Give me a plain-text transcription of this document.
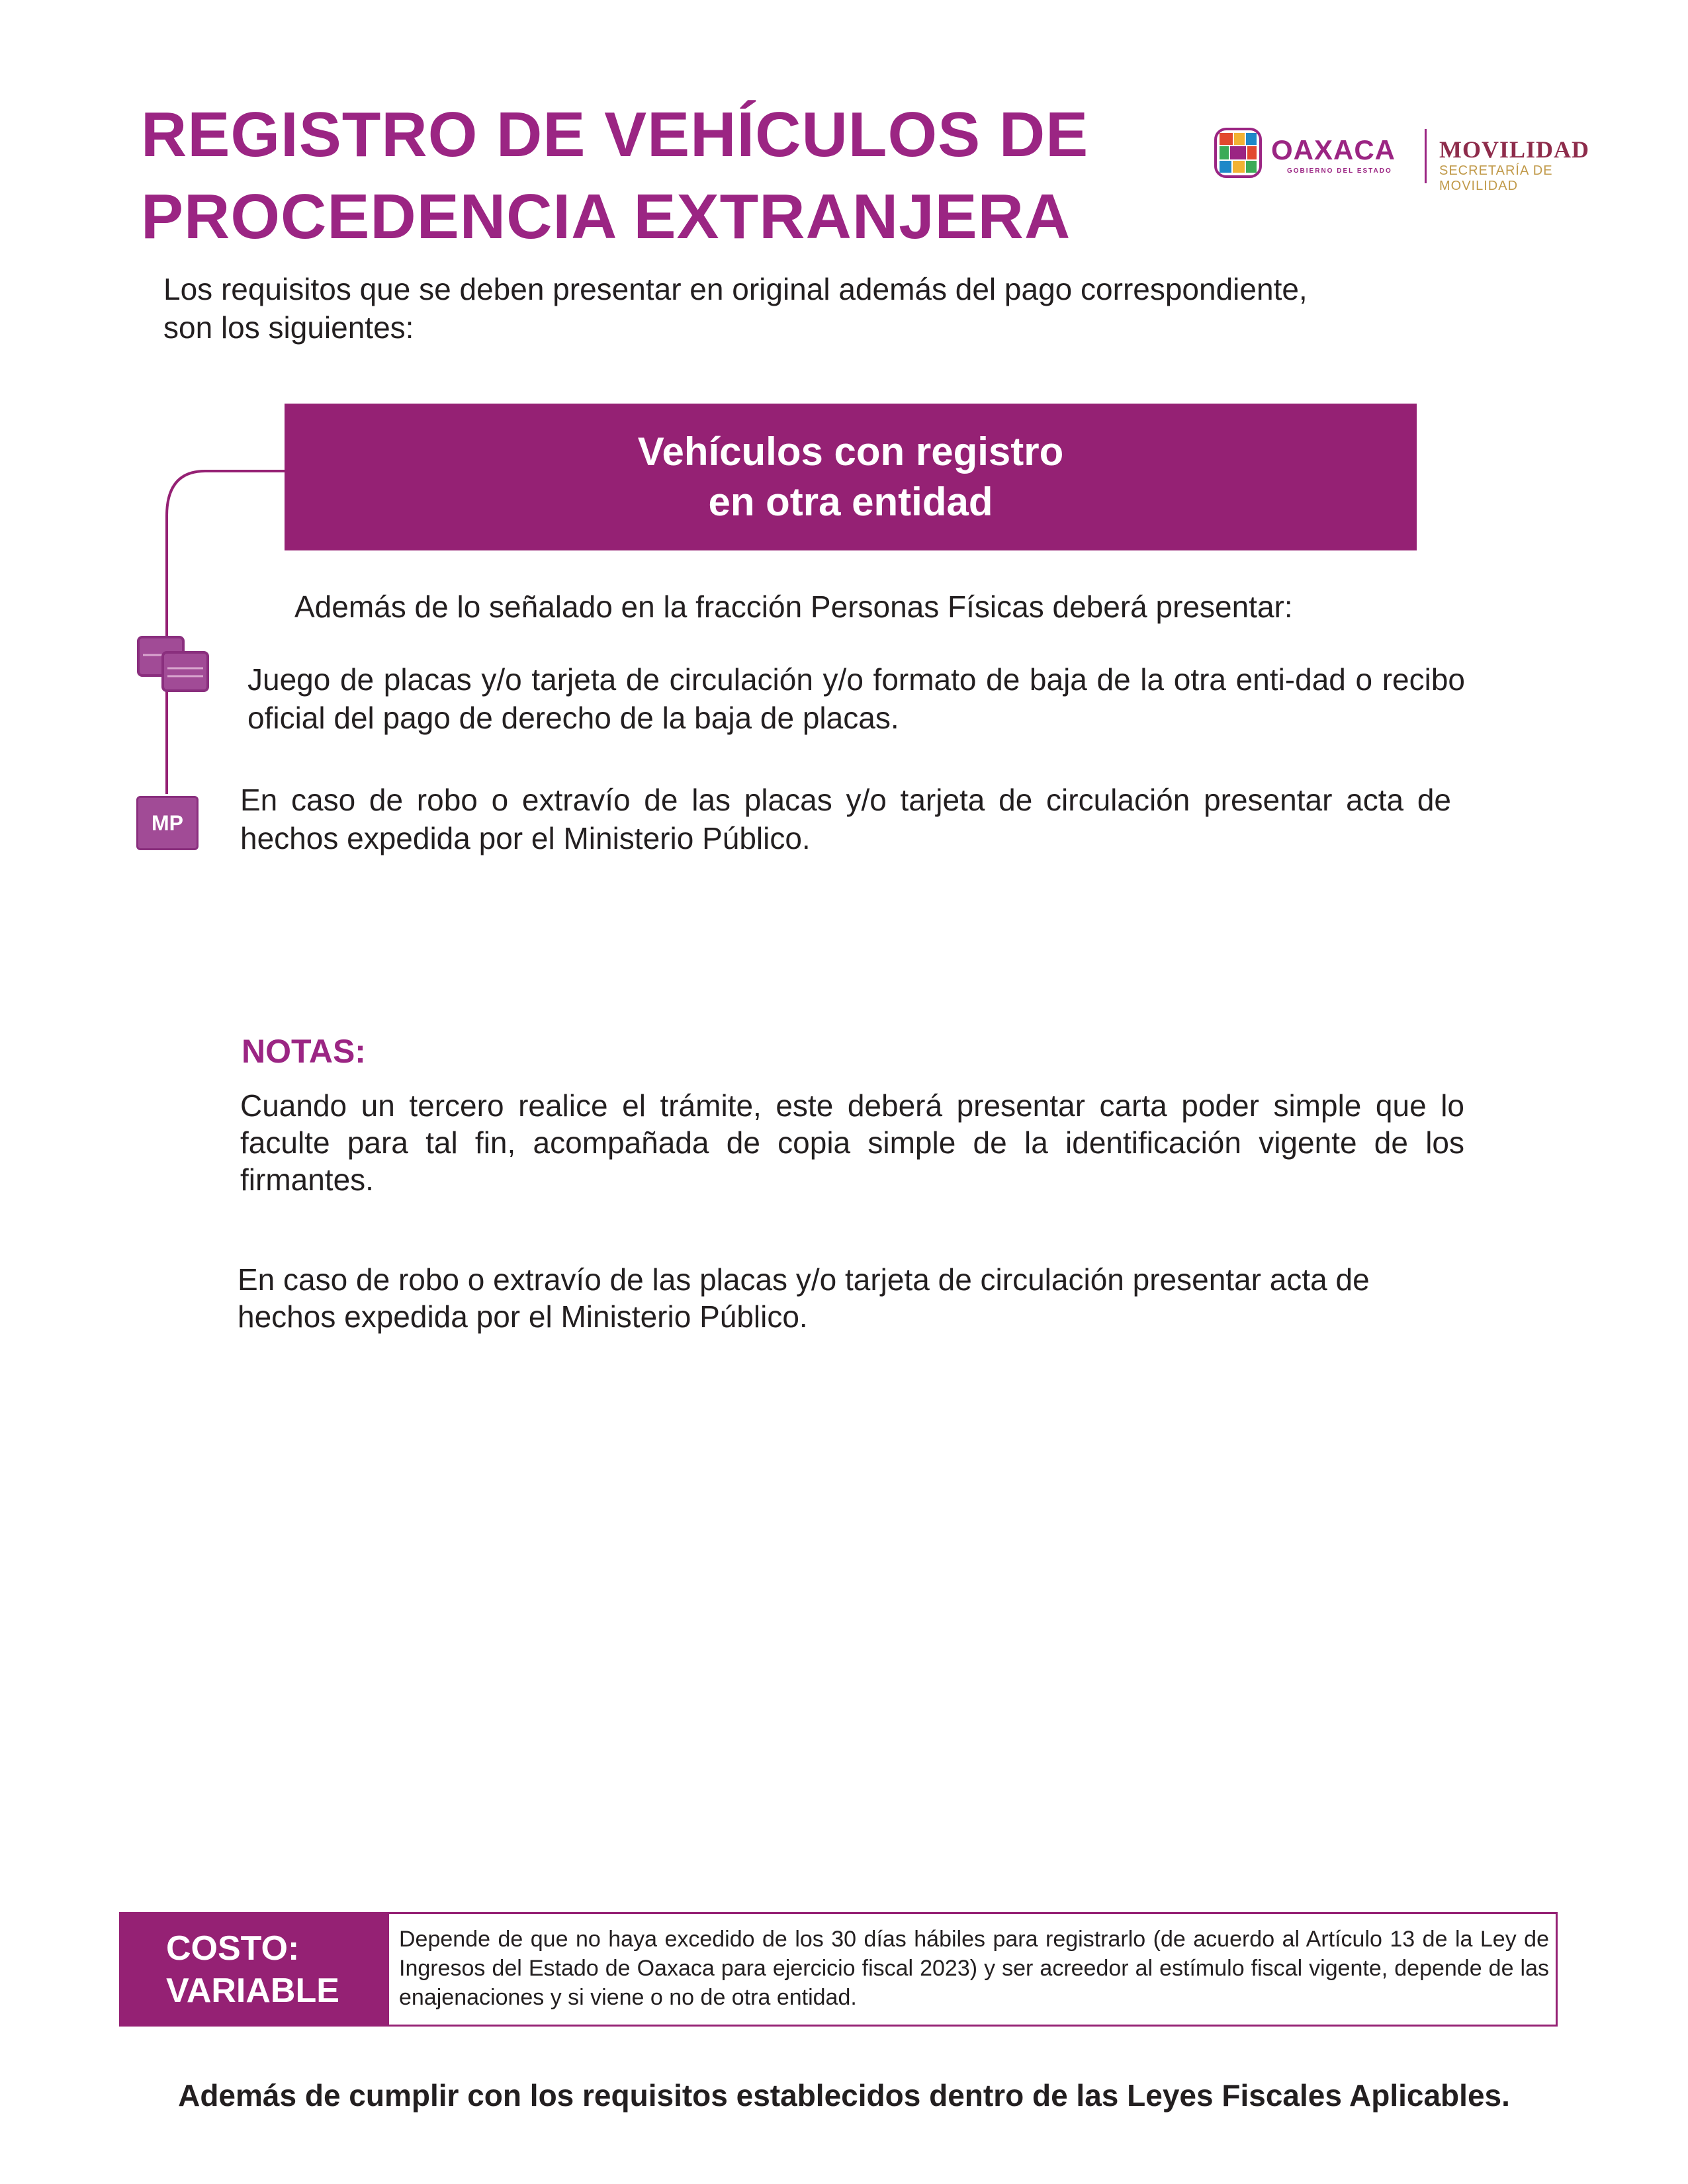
REGISTRO DE VEHÍCULOS DE
PROCEDENCIA EXTRANJERA
OAXACA
GOBIERNO DEL ESTADO
MOVILIDAD
SECRETARÍA DE MOVILIDAD

Los requisitos que se deben presentar en original además del pago correspondiente,

son los siguientes:

Vehículos con registro
en otra entidad
Además de lo señalado en la fracción Personas Físicas deberá presentar:
Juego de placas y/o tarjeta de circulación y/o formato de baja de la otra enti-dad o recibo oficial del pago de derecho de la baja de placas.
MP
En caso de robo o extravío de las placas y/o tarjeta de circulación presentar acta de hechos expedida por el Ministerio Público.
NOTAS:
Cuando un tercero realice el trámite, este deberá presentar carta poder simple que lo faculte para tal fin, acompañada de copia simple de la identificación vigente de los firmantes.
En caso de robo o extravío de las placas y/o tarjeta de circulación presentar acta de hechos expedida por el Ministerio Público.
COSTO:
VARIABLE
Depende de que no haya excedido de los 30 días hábiles para registrarlo (de acuerdo al Artículo 13 de la Ley de Ingresos del Estado de Oaxaca para ejercicio fiscal 2023) y ser acreedor al estímulo fiscal vigente, depende de las enajenaciones y si viene o no de otra entidad.
Además de cumplir con los requisitos establecidos dentro de las Leyes Fiscales Aplicables.
